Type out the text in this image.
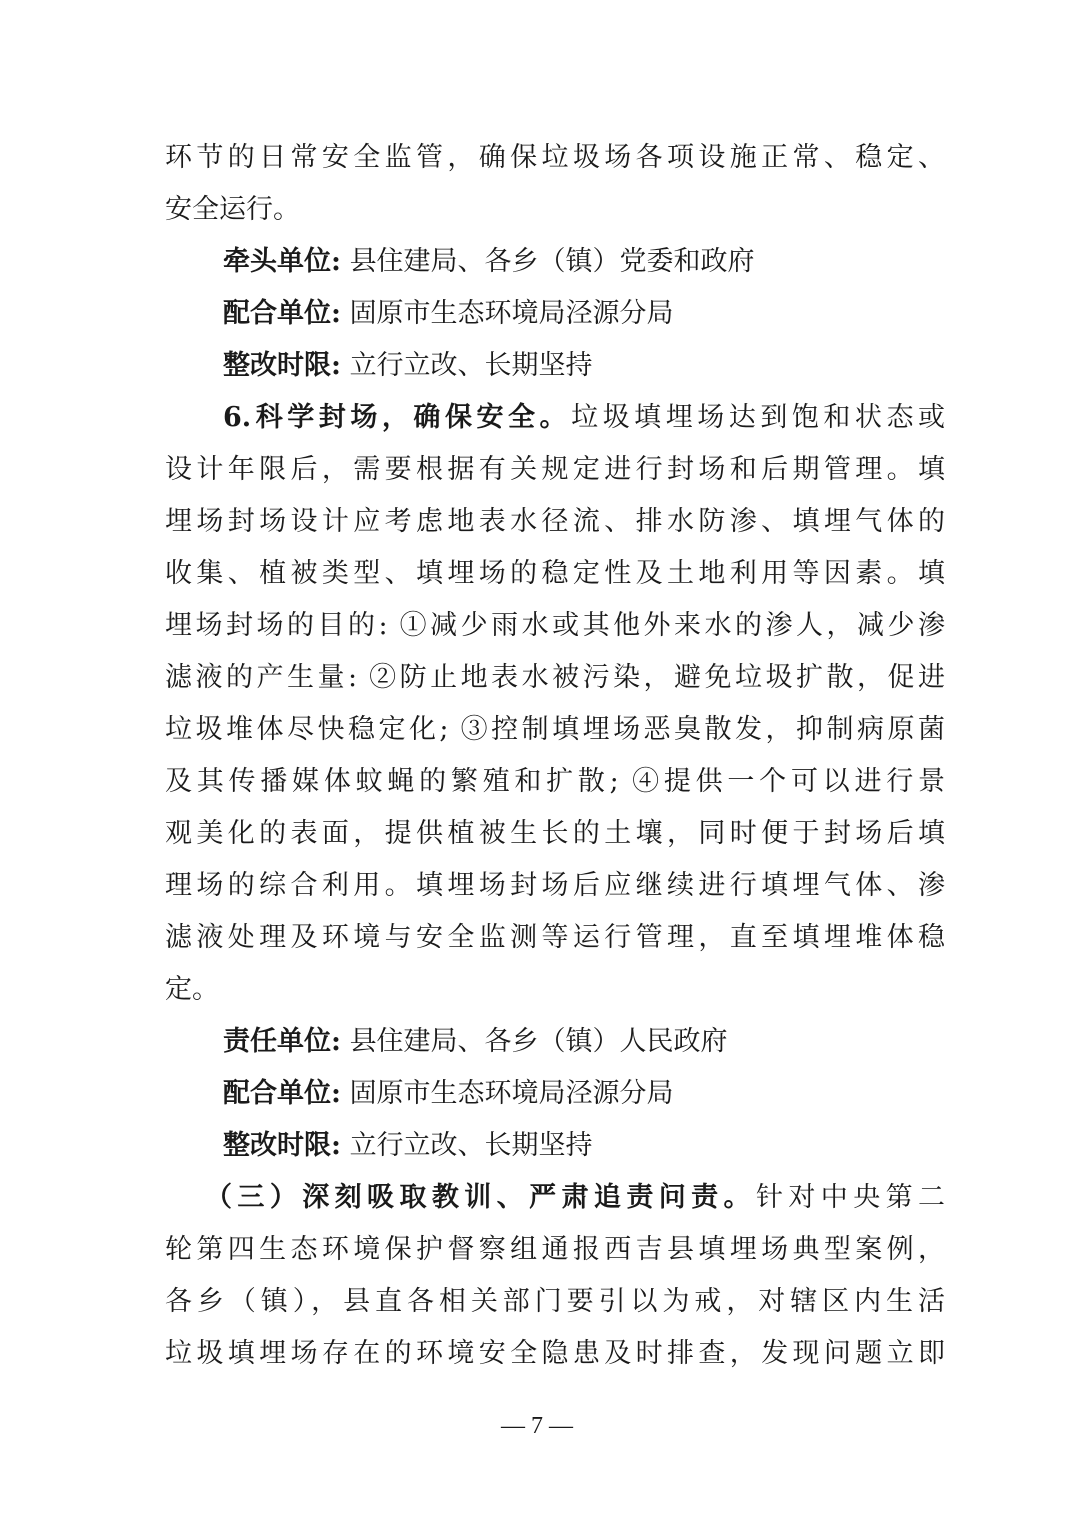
环节的日常安全监管，确保垃圾场各项设施正常、稳定、
安全运行。
牵头单位: 县住建局、各乡（镇）党委和政府
配合单位: 固原市生态环境局泾源分局
整改时限: 立行立改、长期坚持
6.科学封场，确保安全。垃圾填埋场达到饱和状态或
设计年限后，需要根据有关规定进行封场和后期管理。填
埋场封场设计应考虑地表水径流、排水防渗、填埋气体的
收集、植被类型、填埋场的稳定性及土地利用等因素。填
埋场封场的目的: ①减少雨水或其他外来水的渗人，减少渗
滤液的产生量: ②防止地表水被污染，避免垃圾扩散，促进
垃圾堆体尽快稳定化; ③控制填埋场恶臭散发，抑制病原菌
及其传播媒体蚊蝇的繁殖和扩散; ④提供一个可以进行景
观美化的表面，提供植被生长的土壤，同时便于封场后填
理场的综合利用。填埋场封场后应继续进行填埋气体、渗
滤液处理及环境与安全监测等运行管理，直至填埋堆体稳
定。
责任单位: 县住建局、各乡（镇）人民政府
配合单位: 固原市生态环境局泾源分局
整改时限: 立行立改、长期坚持
（三）深刻吸取教训、严肃追责问责。针对中央第二
轮第四生态环境保护督察组通报西吉县填埋场典型案例，
各乡（镇），县直各相关部门要引以为戒，对辖区内生活
垃圾填埋场存在的环境安全隐患及时排查，发现问题立即
— 7 —
